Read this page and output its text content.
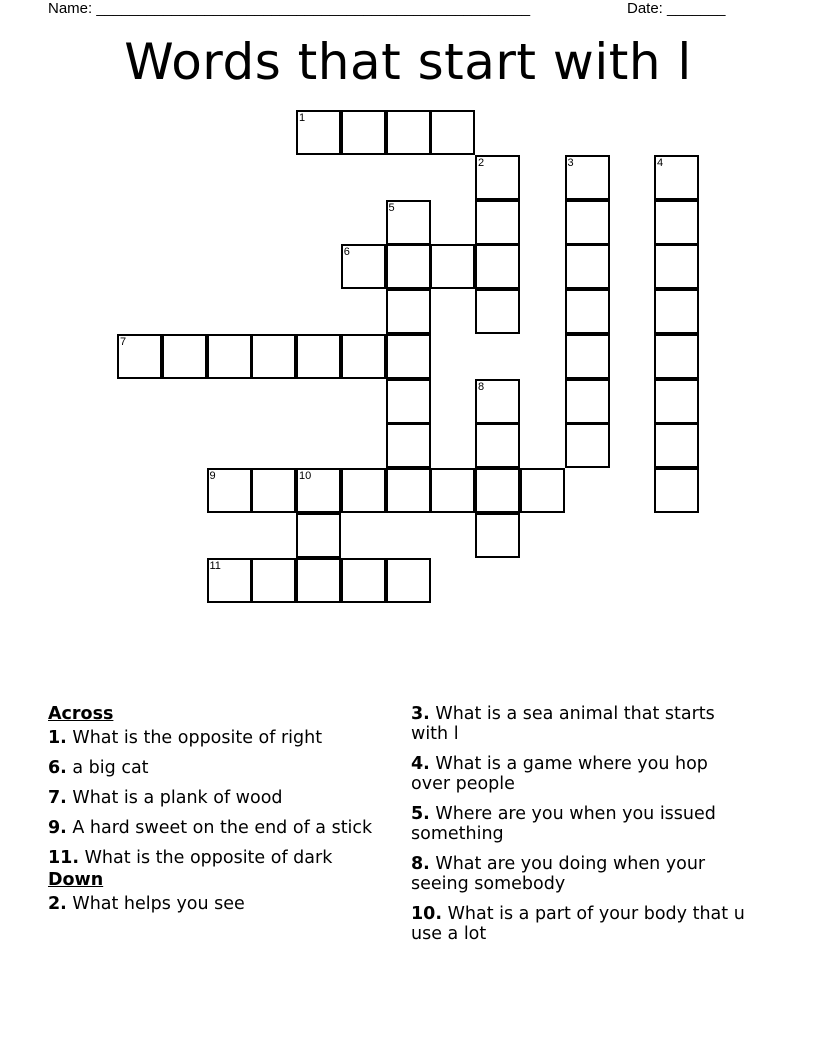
Name: ____________________________________________________	Date: _______
Words that start with l
1
2	3	4
5
6
7
8
9	10
11
Across
1. What is the opposite of right
6. a big cat
7. What is a plank of wood
9. A hard sweet on the end of a stick
11. What is the opposite of dark
Down
2. What helps you see
3. What is a sea animal that starts with l
4. What is a game where you hop over people
5. Where are you when you issued something
8. What are you doing when your seeing somebody
10. What is a part of your body that u use a lot
